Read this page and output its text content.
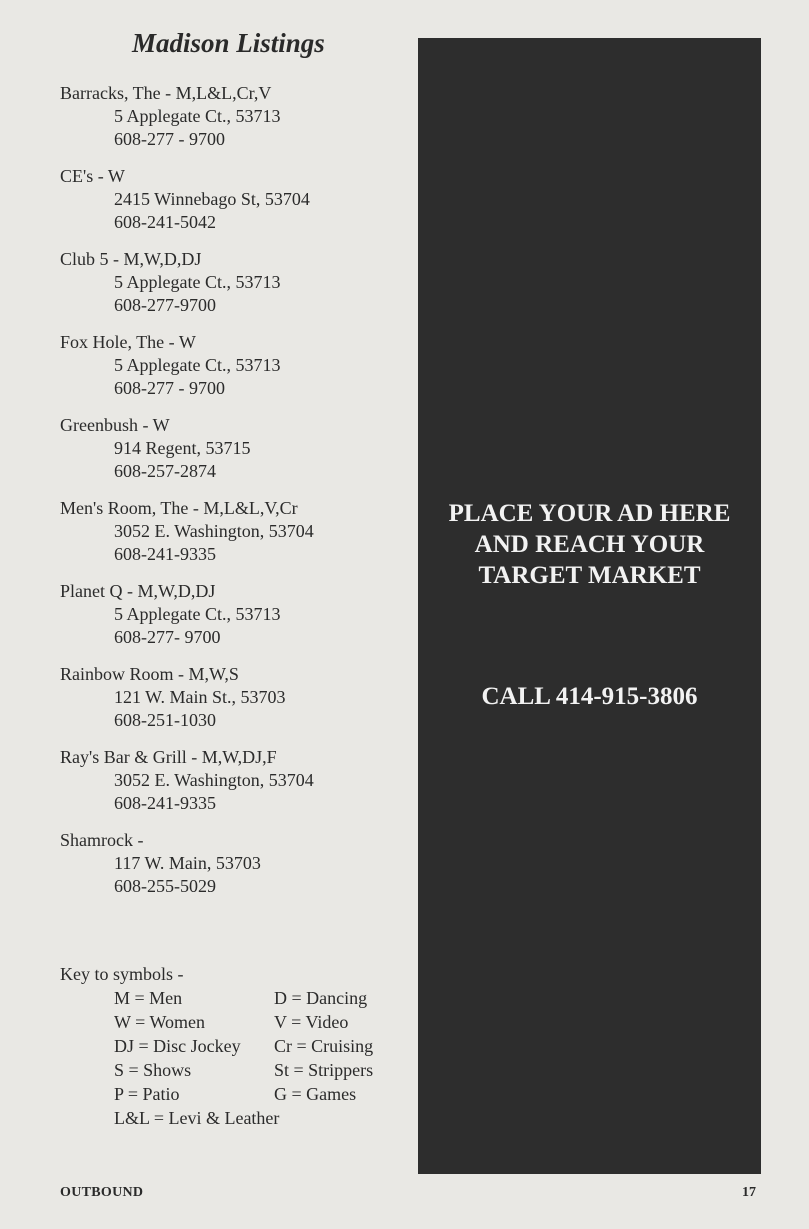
Madison Listings
Barracks, The - M,L&L,Cr,V
5 Applegate Ct., 53713
608-277 - 9700
CE's - W
2415 Winnebago St, 53704
608-241-5042
Club 5 - M,W,D,DJ
5 Applegate Ct., 53713
608-277-9700
Fox Hole, The - W
5 Applegate Ct., 53713
608-277 - 9700
Greenbush - W
914 Regent, 53715
608-257-2874
Men's Room, The - M,L&L,V,Cr
3052 E. Washington, 53704
608-241-9335
Planet Q - M,W,D,DJ
5 Applegate Ct., 53713
608-277- 9700
Rainbow Room - M,W,S
121 W. Main St., 53703
608-251-1030
Ray's Bar & Grill - M,W,DJ,F
3052 E. Washington, 53704
608-241-9335
Shamrock -
117 W. Main, 53703
608-255-5029
Key to symbols -
M = Men	D = Dancing
W = Women	V = Video
DJ = Disc Jockey	Cr = Cruising
S = Shows	St = Strippers
P = Patio	G = Games
L&L = Levi & Leather
PLACE YOUR AD HERE
AND REACH YOUR
TARGET MARKET
CALL 414-915-3806
OUTBOUND	17
